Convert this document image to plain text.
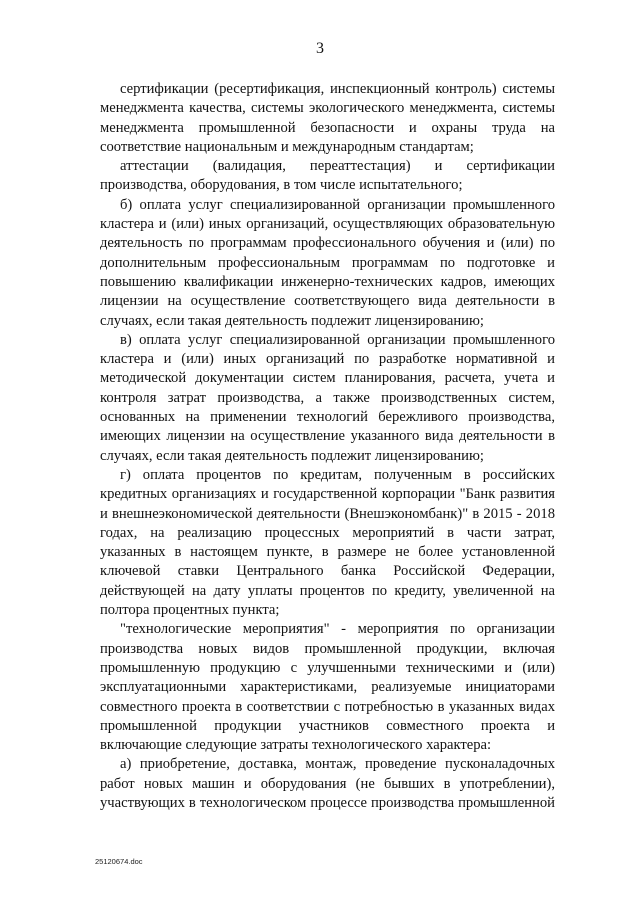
3

сертификации (ресертификация, инспекционный контроль) системы менеджмента качества, системы экологического менеджмента, системы менеджмента промышленной безопасности и охраны труда на соответствие национальным и международным стандартам;

аттестации (валидация, переаттестация) и сертификации производства, оборудования, в том числе испытательного;

б) оплата услуг специализированной организации промышленного кластера и (или) иных организаций, осуществляющих образовательную деятельность по программам профессионального обучения и (или) по дополнительным профессиональным программам по подготовке и повышению квалификации инженерно-технических кадров, имеющих лицензии на осуществление соответствующего вида деятельности в случаях, если такая деятельность подлежит лицензированию;

в) оплата услуг специализированной организации промышленного кластера и (или) иных организаций по разработке нормативной и методической документации систем планирования, расчета, учета и контроля затрат производства, а также производственных систем, основанных на применении технологий бережливого производства, имеющих лицензии на осуществление указанного вида деятельности в случаях, если такая деятельность подлежит лицензированию;

г) оплата процентов по кредитам, полученным в российских кредитных организациях и государственной корпорации "Банк развития и внешнеэкономической деятельности (Внешэкономбанк)" в 2015 - 2018 годах, на реализацию процессных мероприятий в части затрат, указанных в настоящем пункте, в размере не более установленной ключевой ставки Центрального банка Российской Федерации, действующей на дату уплаты процентов по кредиту, увеличенной на полтора процентных пункта;

"технологические мероприятия" - мероприятия по организации производства новых видов промышленной продукции, включая промышленную продукцию с улучшенными техническими и (или) эксплуатационными характеристиками, реализуемые инициаторами совместного проекта в соответствии с потребностью в указанных видах промышленной продукции участников совместного проекта и включающие следующие затраты технологического характера:

а) приобретение, доставка, монтаж, проведение пусконаладочных работ новых машин и оборудования (не бывших в употреблении), участвующих в технологическом процессе производства промышленной

25120674.doc
